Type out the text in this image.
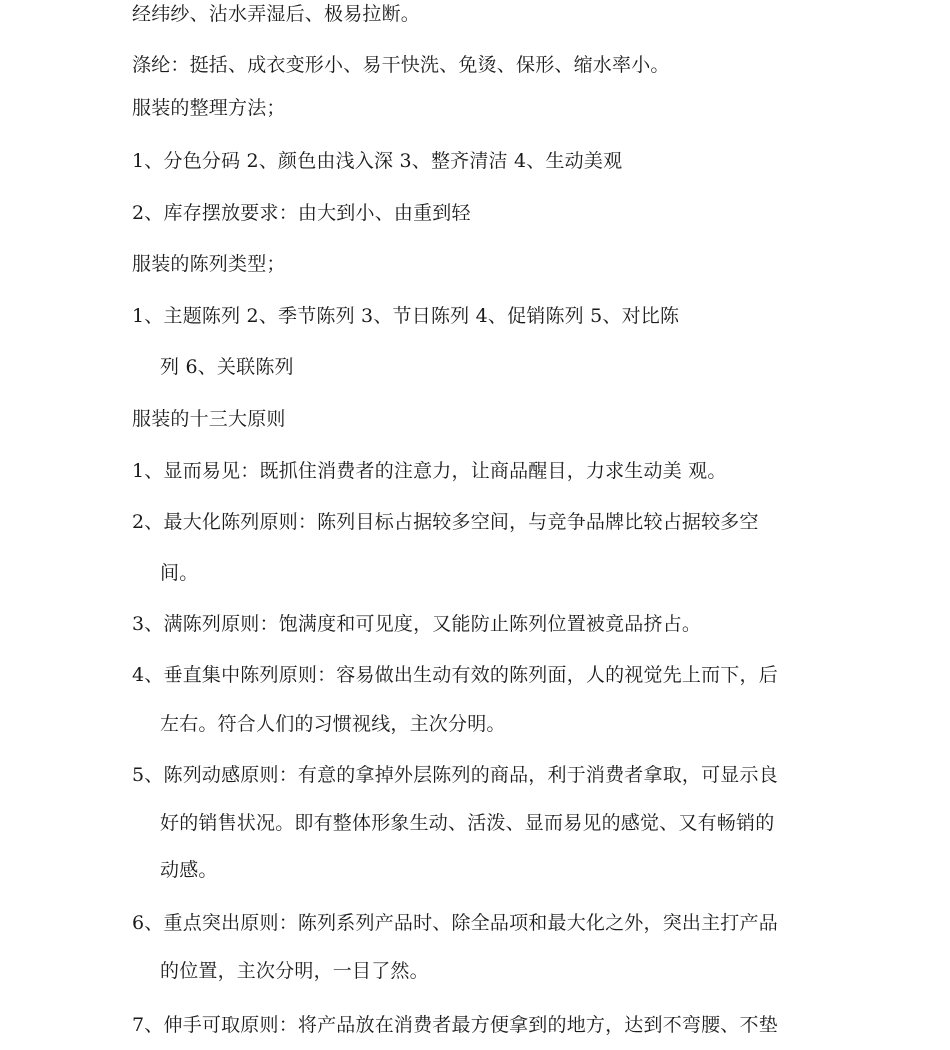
经纬纱、沾水弄湿后、极易拉断。
涤纶：挺括、成衣变形小、易干快洗、免烫、保形、缩水率小。
服装的整理方法；
1、分色分码 2、颜色由浅入深 3、整齐清洁 4、生动美观
2、库存摆放要求：由大到小、由重到轻
服装的陈列类型；
1、主题陈列 2、季节陈列 3、节日陈列 4、促销陈列 5、对比陈
列 6、关联陈列
服装的十三大原则
1、显而易见：既抓住消费者的注意力，让商品醒目，力求生动美 观。
2、最大化陈列原则：陈列目标占据较多空间，与竞争品牌比较占据较多空
间。
3、满陈列原则：饱满度和可见度，又能防止陈列位置被竟品挤占。
4、垂直集中陈列原则：容易做出生动有效的陈列面，人的视觉先上而下，后
左右。符合人们的习惯视线，主次分明。
5、陈列动感原则：有意的拿掉外层陈列的商品，利于消费者拿取，可显示良
好的销售状况。即有整体形象生动、活泼、显而易见的感觉、又有畅销的
动感。
6、重点突出原则：陈列系列产品时、除全品项和最大化之外，突出主打产品
的位置，主次分明，一目了然。
7、伸手可取原则：将产品放在消费者最方便拿到的地方，达到不弯腰、不垫
